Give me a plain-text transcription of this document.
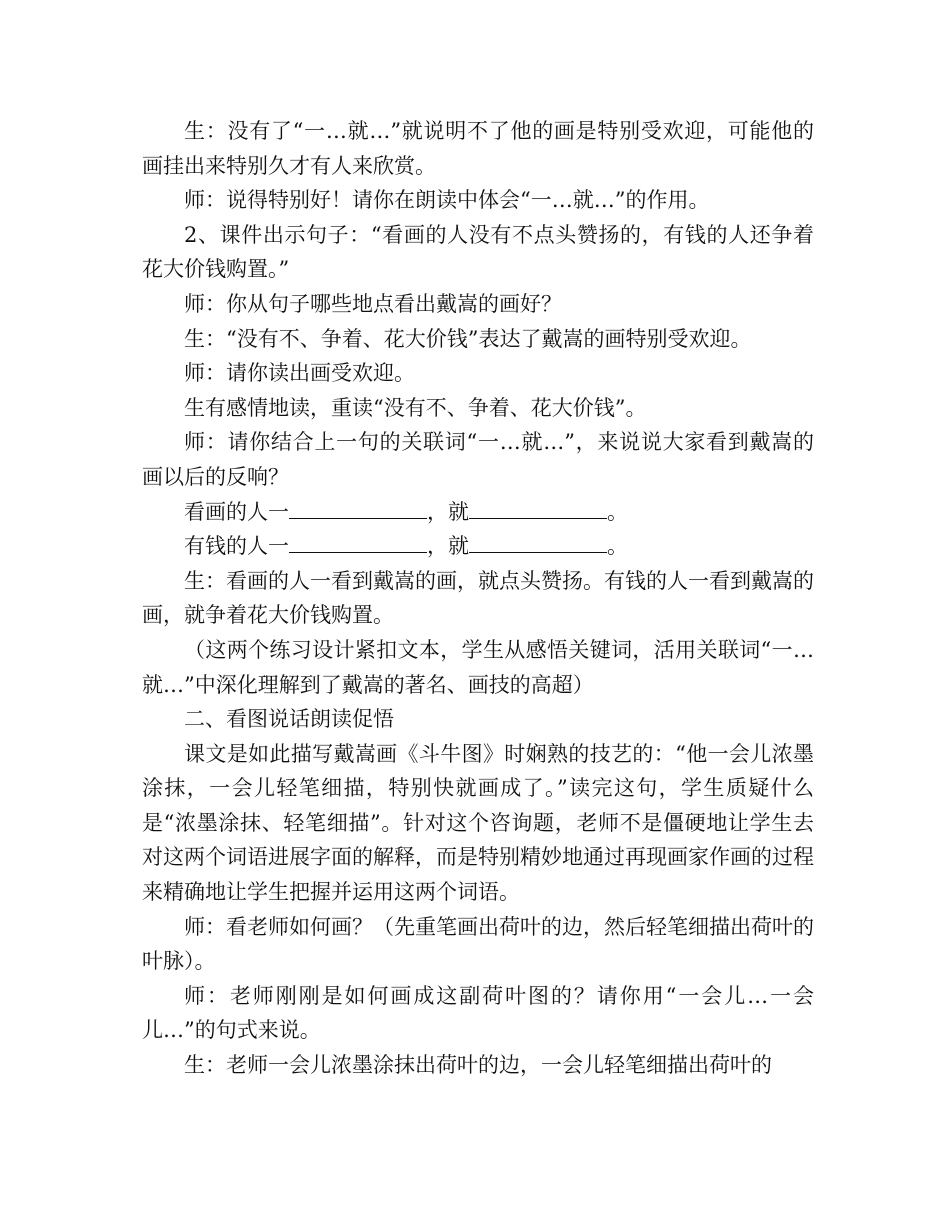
生：没有了“一…就…”就说明不了他的画是特别受欢迎，可能他的画挂出来特别久才有人来欣赏。

师：说得特别好！请你在朗读中体会“一…就…”的作用。

2、课件出示句子：“看画的人没有不点头赞扬的，有钱的人还争着花大价钱购置。”

师：你从句子哪些地点看出戴嵩的画好？

生：“没有不、争着、花大价钱”表达了戴嵩的画特别受欢迎。

师：请你读出画受欢迎。

生有感情地读，重读“没有不、争着、花大价钱”。

师：请你结合上一句的关联词“一…就…”，来说说大家看到戴嵩的画以后的反响？

看画的人一	，就	。

有钱的人一	，就	。

生：看画的人一看到戴嵩的画，就点头赞扬。有钱的人一看到戴嵩的画，就争着花大价钱购置。

（这两个练习设计紧扣文本，学生从感悟关键词，活用关联词“一…就…”中深化理解到了戴嵩的著名、画技的高超）

二、看图说话朗读促悟

课文是如此描写戴嵩画《斗牛图》时娴熟的技艺的：“他一会儿浓墨涂抹，一会儿轻笔细描，特别快就画成了。”读完这句，学生质疑什么是“浓墨涂抹、轻笔细描”。针对这个咨询题，老师不是僵硬地让学生去对这两个词语进展字面的解释，而是特别精妙地通过再现画家作画的过程来精确地让学生把握并运用这两个词语。

师：看老师如何画？（先重笔画出荷叶的边，然后轻笔细描出荷叶的叶脉）。

师：老师刚刚是如何画成这副荷叶图的？请你用“一会儿…一会儿…”的句式来说。

生：老师一会儿浓墨涂抹出荷叶的边，一会儿轻笔细描出荷叶的
